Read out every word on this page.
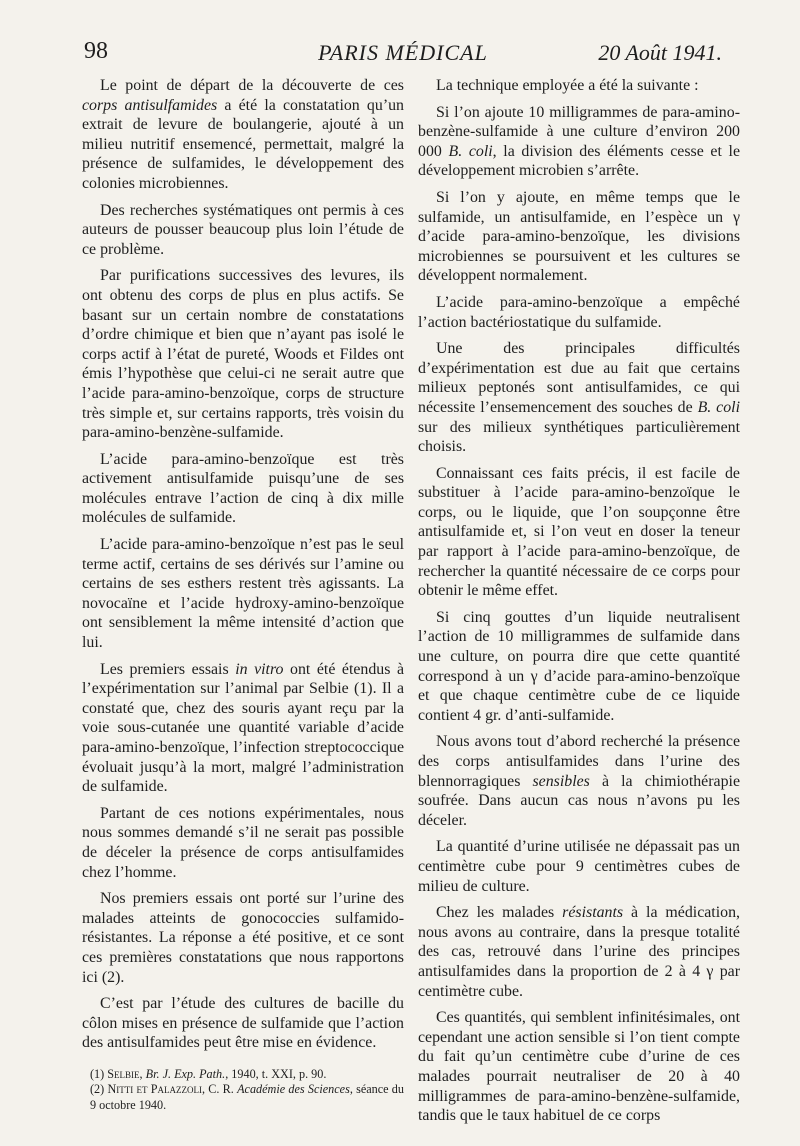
98	PARIS MÉDICAL	20 Août 1941.

Le point de départ de la découverte de ces corps antisulfamides a été la constatation qu’un extrait de levure de boulangerie, ajouté à un milieu nutritif ensemencé, permettait, malgré la présence de sulfamides, le développement des colonies microbiennes.

Des recherches systématiques ont permis à ces auteurs de pousser beaucoup plus loin l’étude de ce problème.

Par purifications successives des levures, ils ont obtenu des corps de plus en plus actifs. Se basant sur un certain nombre de constatations d’ordre chimique et bien que n’ayant pas isolé le corps actif à l’état de pureté, Woods et Fildes ont émis l’hypothèse que celui-ci ne serait autre que l’acide para-amino-benzoïque, corps de structure très simple et, sur certains rapports, très voisin du para-amino-benzène-sulfamide.

L’acide para-amino-benzoïque est très activement antisulfamide puisqu’une de ses molécules entrave l’action de cinq à dix mille molécules de sulfamide.

L’acide para-amino-benzoïque n’est pas le seul terme actif, certains de ses dérivés sur l’amine ou certains de ses esthers restent très agissants. La novocaïne et l’acide hydroxy-amino-benzoïque ont sensiblement la même intensité d’action que lui.

Les premiers essais in vitro ont été étendus à l’expérimentation sur l’animal par Selbie (1). Il a constaté que, chez des souris ayant reçu par la voie sous-cutanée une quantité variable d’acide para-amino-benzoïque, l’infection streptococcique évoluait jusqu’à la mort, malgré l’administration de sulfamide.

Partant de ces notions expérimentales, nous nous sommes demandé s’il ne serait pas possible de déceler la présence de corps antisulfamides chez l’homme.

Nos premiers essais ont porté sur l’urine des malades atteints de gonococcies sulfamido-résistantes. La réponse a été positive, et ce sont ces premières constatations que nous rapportons ici (2).

C’est par l’étude des cultures de bacille du côlon mises en présence de sulfamide que l’action des antisulfamides peut être mise en évidence.

(1) Selbie, Br. J. Exp. Path., 1940, t. XXI, p. 90.

(2) Nitti et Palazzoli, C. R. Académie des Sciences, séance du 9 octobre 1940.

La technique employée a été la suivante :

Si l’on ajoute 10 milligrammes de para-amino-benzène-sulfamide à une culture d’environ 200 000 B. coli, la division des éléments cesse et le développement microbien s’arrête.

Si l’on y ajoute, en même temps que le sulfamide, un antisulfamide, en l’espèce un γ d’acide para-amino-benzoïque, les divisions microbiennes se poursuivent et les cultures se développent normalement.

L’acide para-amino-benzoïque a empêché l’action bactériostatique du sulfamide.

Une des principales difficultés d’expérimentation est due au fait que certains milieux peptonés sont antisulfamides, ce qui nécessite l’ensemencement des souches de B. coli sur des milieux synthétiques particulièrement choisis.

Connaissant ces faits précis, il est facile de substituer à l’acide para-amino-benzoïque le corps, ou le liquide, que l’on soupçonne être antisulfamide et, si l’on veut en doser la teneur par rapport à l’acide para-amino-benzoïque, de rechercher la quantité nécessaire de ce corps pour obtenir le même effet.

Si cinq gouttes d’un liquide neutralisent l’action de 10 milligrammes de sulfamide dans une culture, on pourra dire que cette quantité correspond à un γ d’acide para-amino-benzoïque et que chaque centimètre cube de ce liquide contient 4 gr. d’anti-sulfamide.

Nous avons tout d’abord recherché la présence des corps antisulfamides dans l’urine des blennorragiques sensibles à la chimiothérapie soufrée. Dans aucun cas nous n’avons pu les déceler.

La quantité d’urine utilisée ne dépassait pas un centimètre cube pour 9 centimètres cubes de milieu de culture.

Chez les malades résistants à la médication, nous avons au contraire, dans la presque totalité des cas, retrouvé dans l’urine des principes antisulfamides dans la proportion de 2 à 4 γ par centimètre cube.

Ces quantités, qui semblent infinitésimales, ont cependant une action sensible si l’on tient compte du fait qu’un centimètre cube d’urine de ces malades pourrait neutraliser de 20 à 40 milligrammes de para-amino-benzène-sulfamide, tandis que le taux habituel de ce corps
